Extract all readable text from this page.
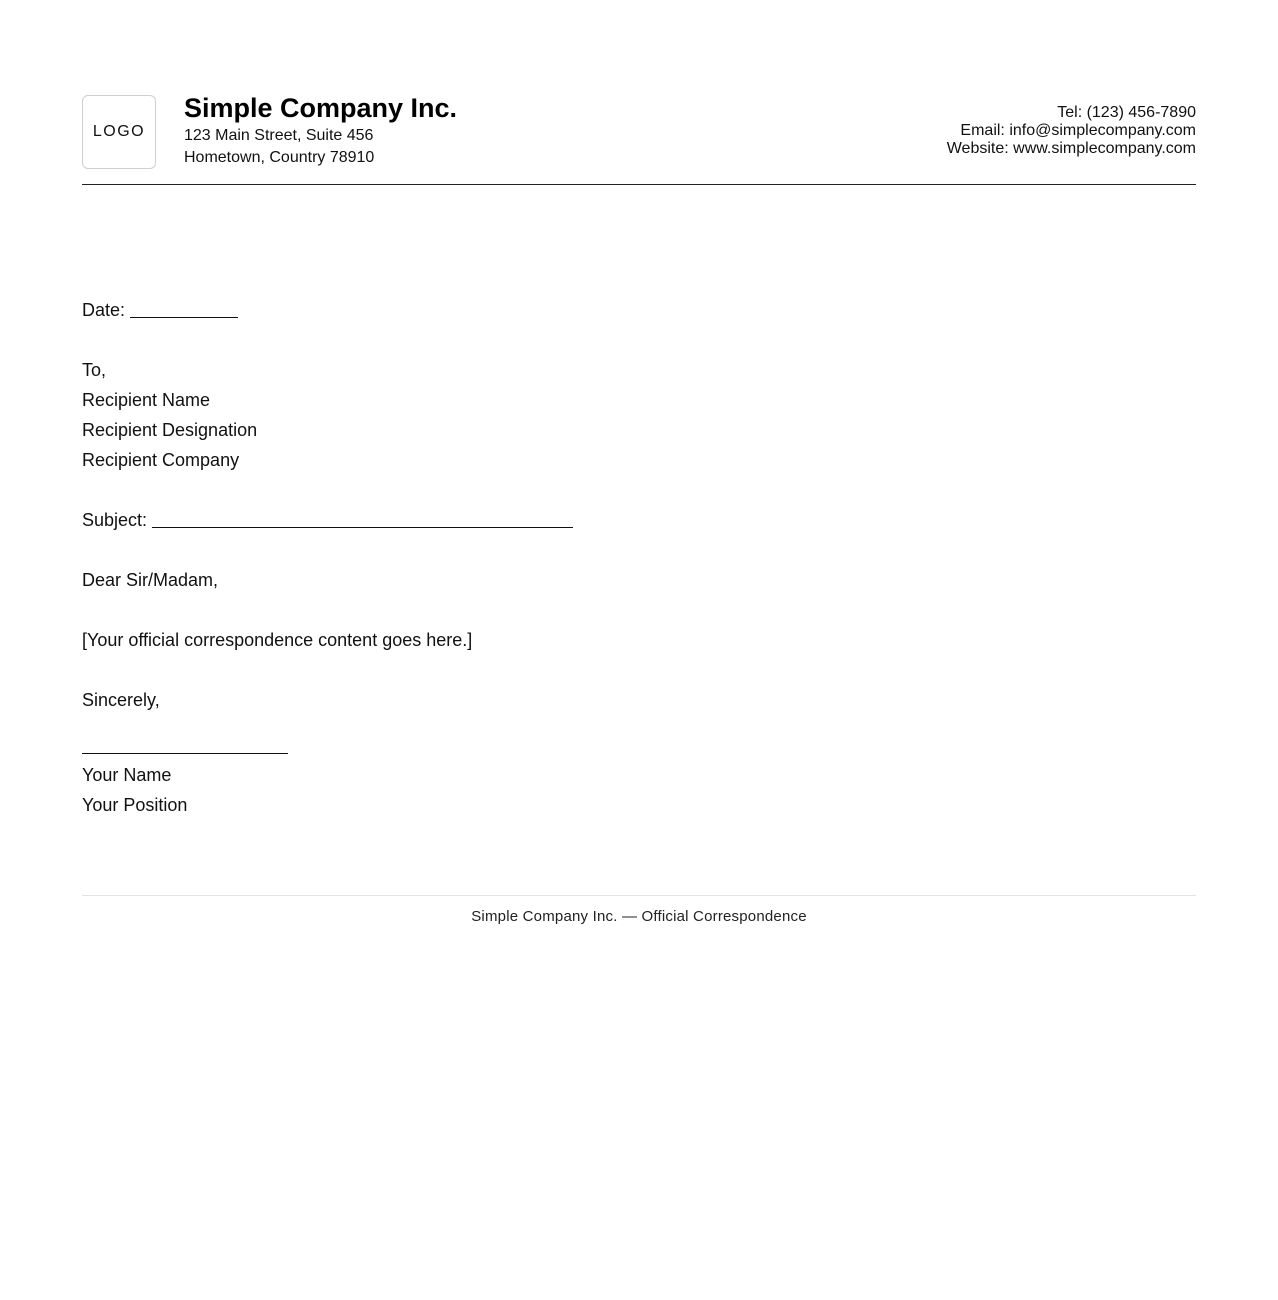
LOGO
Simple Company Inc.
123 Main Street, Suite 456
Hometown, Country 78910
Tel: (123) 456-7890
Email: info@simplecompany.com
Website: www.simplecompany.com
Date:
To,
Recipient Name
Recipient Designation
Recipient Company
Subject:
Dear Sir/Madam,
[Your official correspondence content goes here.]
Sincerely,
Your Name
Your Position
Simple Company Inc. — Official Correspondence
